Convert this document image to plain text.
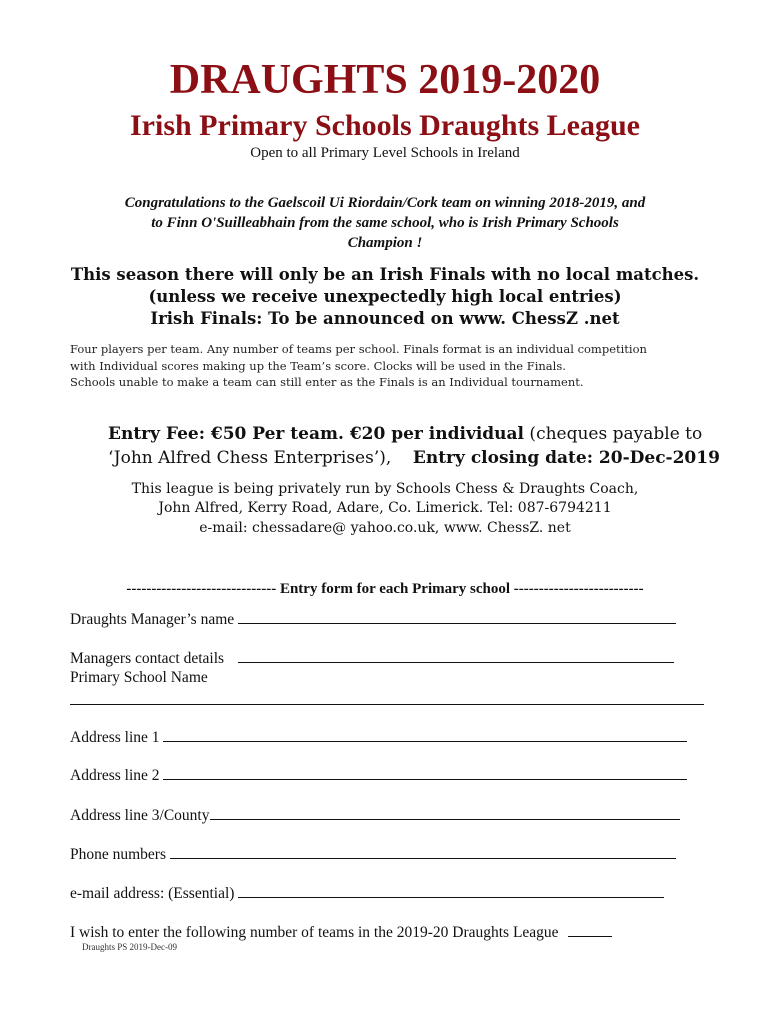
DRAUGHTS 2019-2020
Irish Primary Schools Draughts League
Open to all Primary Level Schools in Ireland
Congratulations to the Gaelscoil Ui Riordain/Cork team on winning 2018-2019, and
to Finn O'Suilleabhain from the same school, who is Irish Primary Schools
Champion !
This season there will only be an Irish Finals with no local matches.
(unless we receive unexpectedly high local entries)
Irish Finals: To be announced on www. ChessZ .net
Four players per team. Any number of teams per school. Finals format is an individual competition
with Individual scores making up the Team’s score. Clocks will be used in the Finals.
Schools unable to make a team can still enter as the Finals is an Individual tournament.
Entry Fee: €50 Per team. €20 per individual (cheques payable to
‘John Alfred Chess Enterprises’), Entry closing date: 20-Dec-2019
This league is being privately run by Schools Chess & Draughts Coach,
John Alfred, Kerry Road, Adare, Co. Limerick. Tel: 087-6794211
e-mail: chessadare@ yahoo.co.uk, www. ChessZ. net
------------------------------ Entry form for each Primary school --------------------------
Draughts Manager’s name
Managers contact details
Primary School Name
Address line 1
Address line 2
Address line 3/County
Phone numbers
e-mail address: (Essential)
I wish to enter the following number of teams in the 2019-20 Draughts League
Draughts PS 2019-Dec-09
